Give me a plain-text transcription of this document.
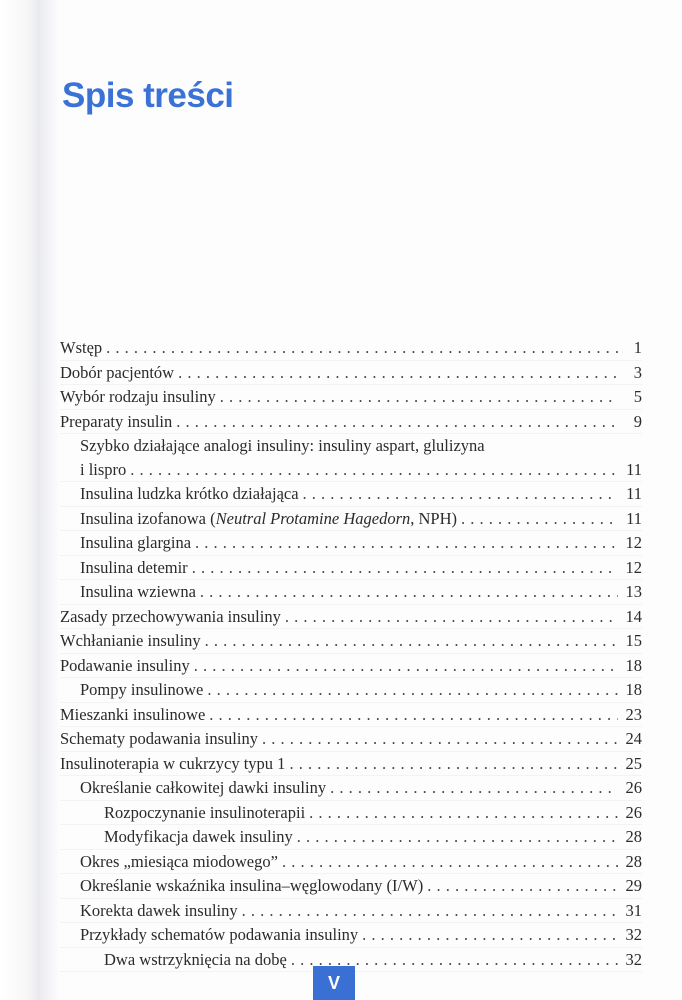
Spis treści
Wstęp . . .	1
Dobór pacjentów . . .	3
Wybór rodzaju insuliny . . .	5
Preparaty insulin . . .	9
Szybko działające analogi insuliny: insuliny aspart, glulizyna
i lispro . . .	11
Insulina ludzka krótko działająca . . .	11
Insulina izofanowa (Neutral Protamine Hagedorn, NPH) . . .	11
Insulina glargina . . .	12
Insulina detemir . . .	12
Insulina wziewna . . .	13
Zasady przechowywania insuliny . . .	14
Wchłanianie insuliny . . .	15
Podawanie insuliny . . .	18
Pompy insulinowe . . .	18
Mieszanki insulinowe . . .	23
Schematy podawania insuliny . . .	24
Insulinoterapia w cukrzycy typu 1 . . .	25
Określanie całkowitej dawki insuliny . . .	26
Rozpoczynanie insulinoterapii . . .	26
Modyfikacja dawek insuliny . . .	28
Okres „miesiąca miodowego” . . .	28
Określanie wskaźnika insulina–węglowodany (I/W) . . .	29
Korekta dawek insuliny . . .	31
Przykłady schematów podawania insuliny . . .	32
Dwa wstrzyknięcia na dobę . . .	32
V
